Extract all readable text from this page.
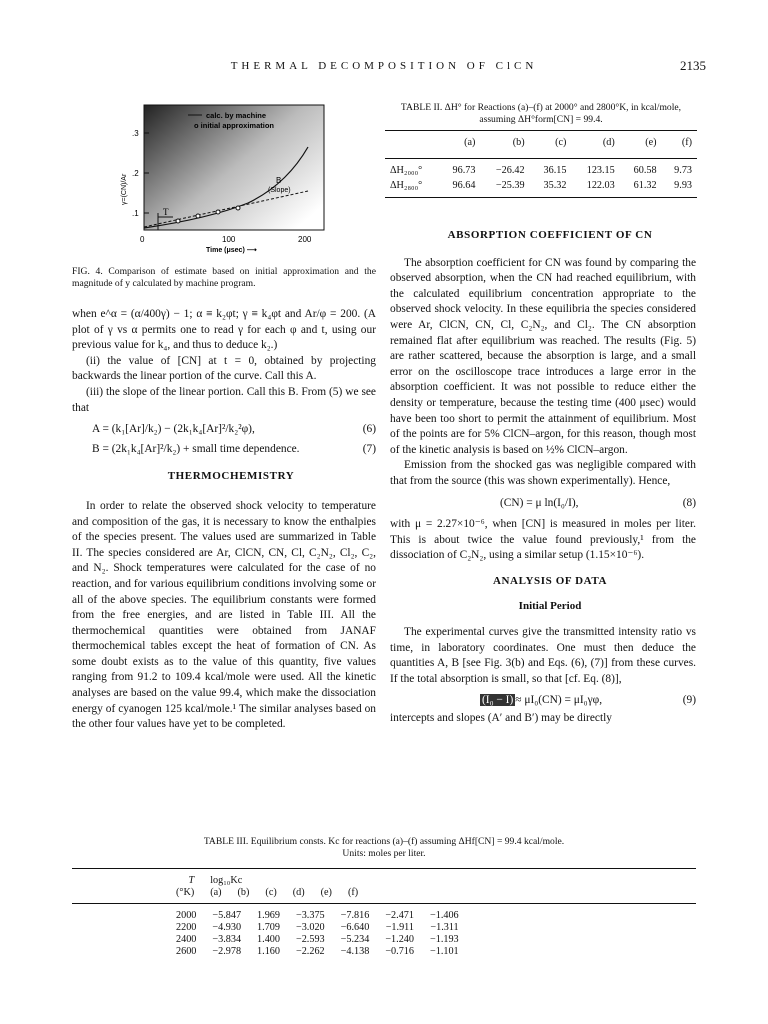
THERMAL DECOMPOSITION OF ClCN	2135
T
B
(Slope)
calc. by machine
o initial approximation
.1
.2
.3
γ=(CN)/Ar
0	100	200
Time (μsec) ⟶
FIG. 4. Comparison of estimate based on initial approximation and the magnitude of y calculated by machine program.

when e^α = (α/400γ) − 1; α ≡ k₂φt; γ ≡ k₄φt and Ar/φ = 200. (A plot of γ vs α permits one to read γ for each φ and t, using our previous value for k₄, and thus to deduce k₂.)

(ii) the value of [CN] at t = 0, obtained by projecting backwards the linear portion of the curve. Call this A.

(iii) the slope of the linear portion. Call this B. From (5) we see that

A = (k₁[Ar]/k₂) − (2k₁k₄[Ar]²/k₂²φ),	(6)
B = (2k₁k₄[Ar]²/k₂) + small time dependence.	(7)

THERMOCHEMISTRY

In order to relate the observed shock velocity to temperature and composition of the gas, it is necessary to know the enthalpies of the species present. The values used are summarized in Table II. The species considered are Ar, ClCN, CN, Cl, C₂N₂, Cl₂, C₂, and N₂. Shock temperatures were calculated for the case of no reaction, and for various equilibrium conditions involving some or all of the above species. The equilibrium constants were formed from the free energies, and are listed in Table III. All the thermochemical quantities were obtained from JANAF thermochemical tables except the heat of formation of CN. As some doubt exists as to the value of this quantity, five values ranging from 91.2 to 109.4 kcal/mole were used. All the kinetic analyses are based on the value 99.4, which make the dissociation energy of cyanogen 125 kcal/mole.¹ The similar analyses based on the other four values have yet to be completed.

TABLE II. ΔH° for Reactions (a)–(f) at 2000° and 2800°K, in kcal/mole, assuming ΔH°form[CN] = 99.4.
	(a)	(b)	(c)	(d)	(e)	(f)

ΔH₂₀₀₀°	96.73	−26.42	36.15	123.15	60.58	9.73

ΔH₂₈₀₀°	96.64	−25.39	35.32	122.03	61.32	9.93

ABSORPTION COEFFICIENT OF CN

The absorption coefficient for CN was found by comparing the observed absorption, when the CN had reached equilibrium, with the calculated equilibrium concentration appropriate to the observed shock velocity. In these equilibria the species considered were Ar, ClCN, CN, Cl, C₂N₂, and Cl₂. The CN absorption remained flat after equilibrium was reached. The results (Fig. 5) are rather scattered, because the absorption is large, and a small error on the oscilloscope trace introduces a large error in the absorption coefficient. It was not possible to reduce either the density or temperature, because the testing time (400 μsec) would have been too short to permit the attainment of equilibrium. Most of the points are for 5% ClCN–argon, for this reason, though most of the kinetic analysis is based on ½% ClCN–argon.

Emission from the shocked gas was negligible compared with that from the source (this was shown experimentally). Hence,

(CN) = μ ln(I₀/I),	(8)

with μ = 2.27×10⁻⁶, when [CN] is measured in moles per liter. This is about twice the value found previously,¹ from the dissociation of C₂N₂, using a similar setup (1.15×10⁻⁶).

ANALYSIS OF DATA

Initial Period

The experimental curves give the transmitted intensity ratio vs time, in laboratory coordinates. One must then deduce the quantities A, B [see Fig. 3(b) and Eqs. (6), (7)] from these curves. If the total absorption is small, so that [cf. Eq. (8)],

(I₀ − I) ≈ μI₀(CN) = μI₀γφ,	(9)

intercepts and slopes (A′ and B′) may be directly

TABLE III. Equilibrium consts. Kc for reactions (a)–(f) assuming ΔHf[CN] = 99.4 kcal/mole.
Units: moles per liter.
T	log₁₀Kc					
(°K)	(a)	(b)	(c)	(d)	(e)	(f)
2000	−5.847	1.969	−3.375	−7.816	−2.471	−1.406
2200	−4.930	1.709	−3.020	−6.640	−1.911	−1.311
2400	−3.834	1.400	−2.593	−5.234	−1.240	−1.193
2600	−2.978	1.160	−2.262	−4.138	−0.716	−1.101
